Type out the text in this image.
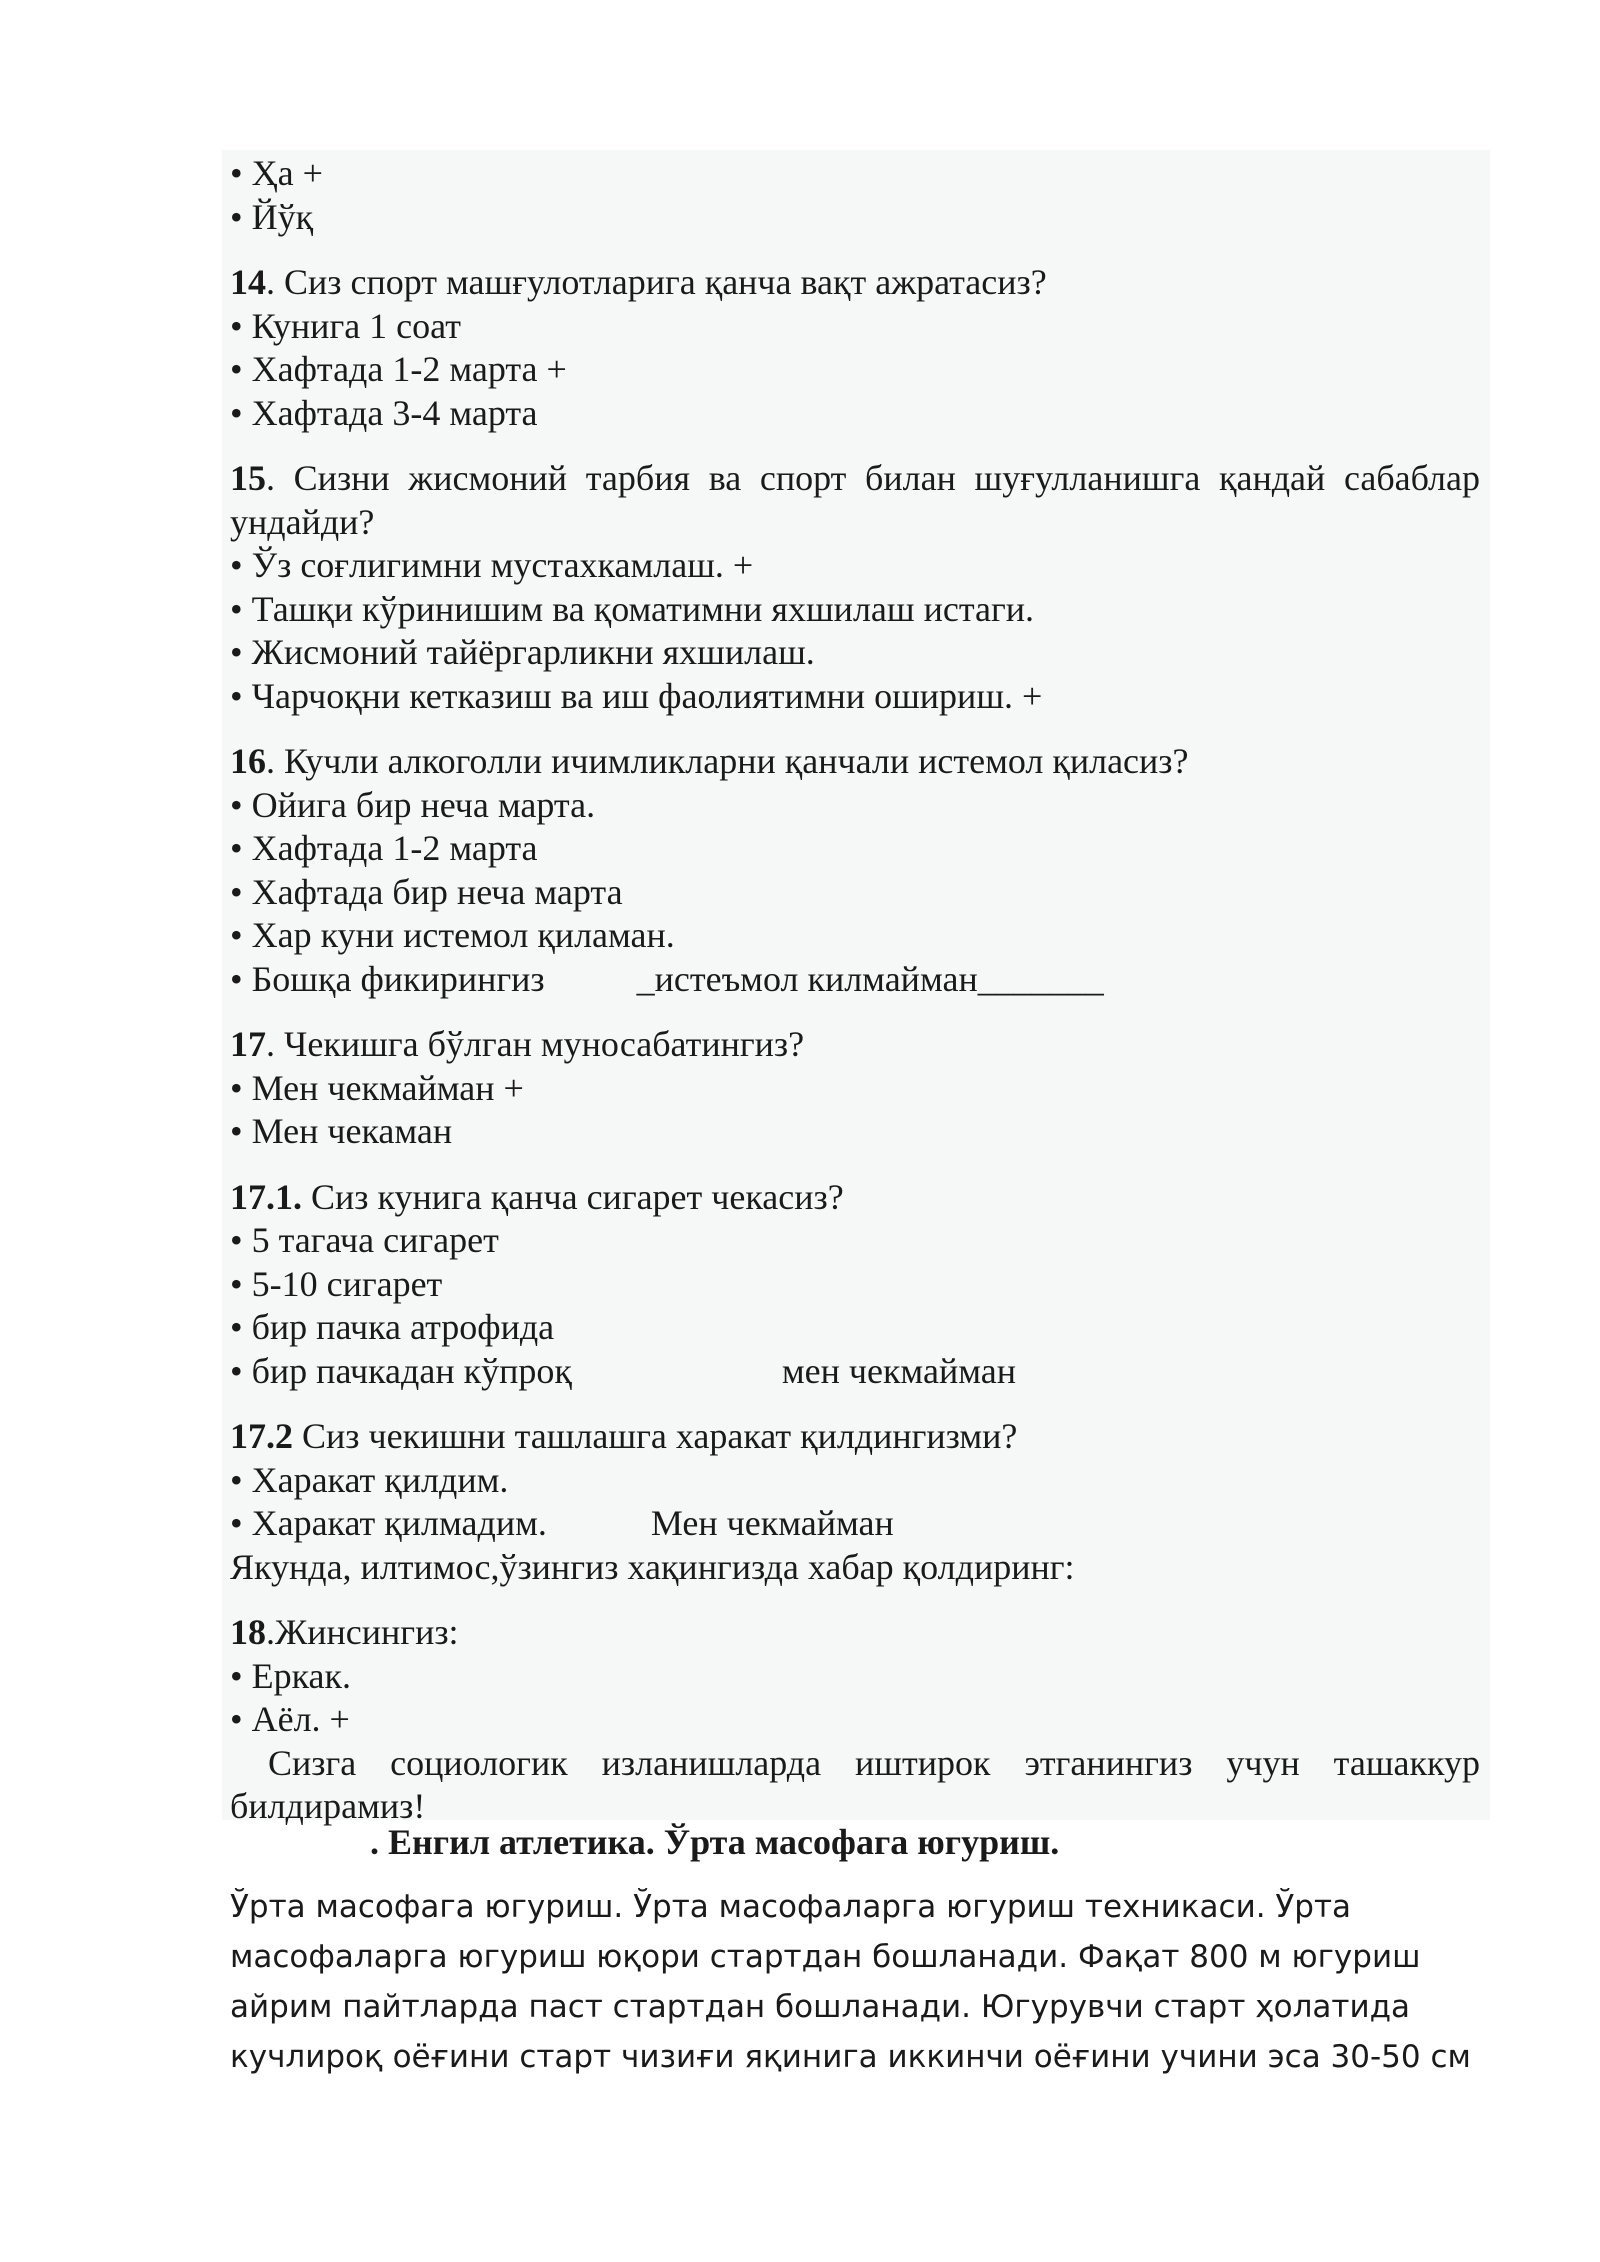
• Ҳа +
• Йўқ
14. Сиз спорт машғулотларига қанча вақт ажратасиз?
• Кунига 1 соат
• Хафтада 1-2 марта +
• Хафтада 3-4 марта
15. Сизни жисмоний тарбия ва спорт билан шуғулланишга қандай сабаблар
ундайди?
• Ўз соғлигимни мустахкамлаш. +
• Ташқи кўринишим ва қоматимни яхшилаш истаги.
• Жисмоний тайёргарликни яхшилаш.
• Чарчоқни кетказиш ва иш фаолиятимни ошириш. +
16. Кучли алкоголли ичимликларни қанчали истемол қиласиз?
• Ойига бир неча марта.
• Хафтада 1-2 марта
• Хафтада бир неча марта
• Хар куни истемол қиламан.
• Бошқа фикирингиз	_истеъмол килмайман_______
17. Чекишга бўлган муносабатингиз?
• Мен чекмайман +
• Мен чекаман
17.1. Сиз кунига қанча сигарет чекасиз?
• 5 тагача сигарет
• 5-10 сигарет
• бир пачка атрофида
• бир пачкадан кўпроқ	мен чекмайман
17.2 Сиз чекишни ташлашга харакат қилдингизми?
• Харакат қилдим.
• Харакат қилмадим.	Мен чекмайман
Якунда, илтимос,ўзингиз хақингизда хабар қолдиринг:
18.Жинсингиз:
• Еркак.
• Аёл. +
Сизга социологик изланишларда иштирок этганингиз учун ташаккур
билдирамиз!
. Енгил атлетика. Ўрта масофага югуриш.
Ўрта масофага югуриш. Ўрта масофаларга югуриш техникаси. Ўрта
масофаларга югуриш юқори стартдан бошланади. Фақат 800 м югуриш
айрим пайтларда паст стартдан бошланади. Югурувчи старт ҳолатида
кучлироқ оёғини старт чизиғи яқинига иккинчи оёғини учини эса 30-50 см
